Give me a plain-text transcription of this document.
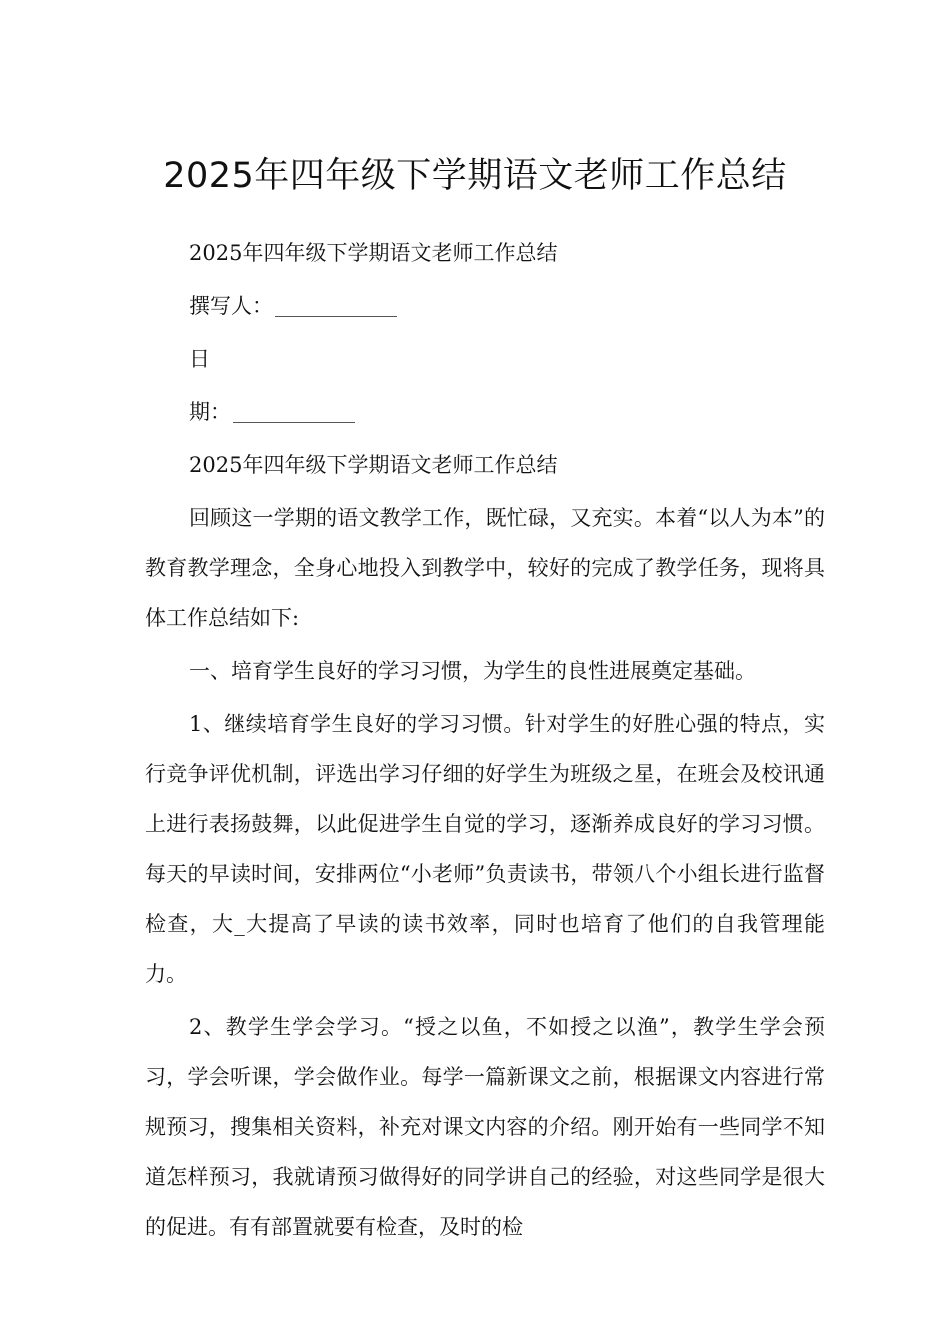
2025年四年级下学期语文老师工作总结

2025年四年级下学期语文老师工作总结

撰写人：

日

期：

2025年四年级下学期语文老师工作总结

回顾这一学期的语文教学工作，既忙碌，又充实。本着“以人为本”的教育教学理念，全身心地投入到教学中，较好的完成了教学任务，现将具体工作总结如下:

一、培育学生良好的学习习惯，为学生的良性进展奠定基础。

1、继续培育学生良好的学习习惯。针对学生的好胜心强的特点，实行竞争评优机制，评选出学习仔细的好学生为班级之星，在班会及校讯通上进行表扬鼓舞，以此促进学生自觉的学习，逐渐养成良好的学习习惯。每天的早读时间，安排两位“小老师”负责读书，带领八个小组长进行监督检查，大_大提高了早读的读书效率，同时也培育了他们的自我管理能力。

2、教学生学会学习。“授之以鱼，不如授之以渔”，教学生学会预习，学会听课，学会做作业。每学一篇新课文之前，根据课文内容进行常规预习，搜集相关资料，补充对课文内容的介绍。刚开始有一些同学不知道怎样预习，我就请预习做得好的同学讲自己的经验，对这些同学是很大的促进。有有部置就要有检查，及时的检
